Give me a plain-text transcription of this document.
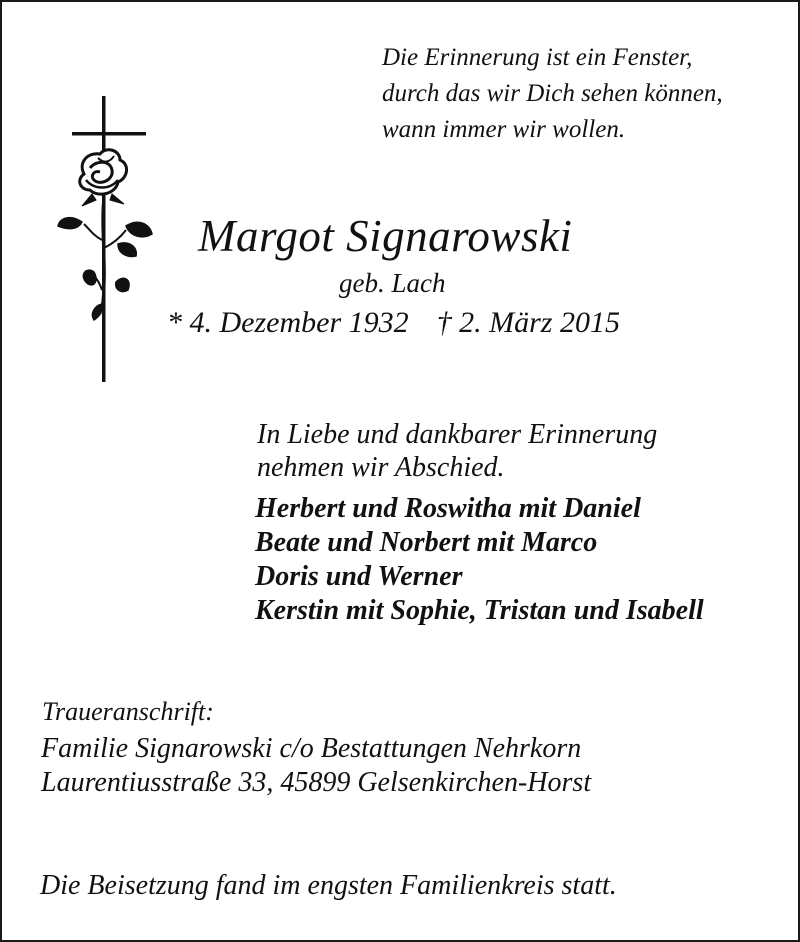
Die Erinnerung ist ein Fenster,
durch das wir Dich sehen können,
wann immer wir wollen.
Margot Signarowski
geb. Lach
* 4. Dezember 1932 † 2. März 2015
In Liebe und dankbarer Erinnerung
nehmen wir Abschied.
Herbert und Roswitha mit Daniel
Beate und Norbert mit Marco
Doris und Werner
Kerstin mit Sophie, Tristan und Isabell
Traueranschrift:
Familie Signarowski c/o Bestattungen Nehrkorn
Laurentiusstraße 33, 45899 Gelsenkirchen-Horst
Die Beisetzung fand im engsten Familienkreis statt.
